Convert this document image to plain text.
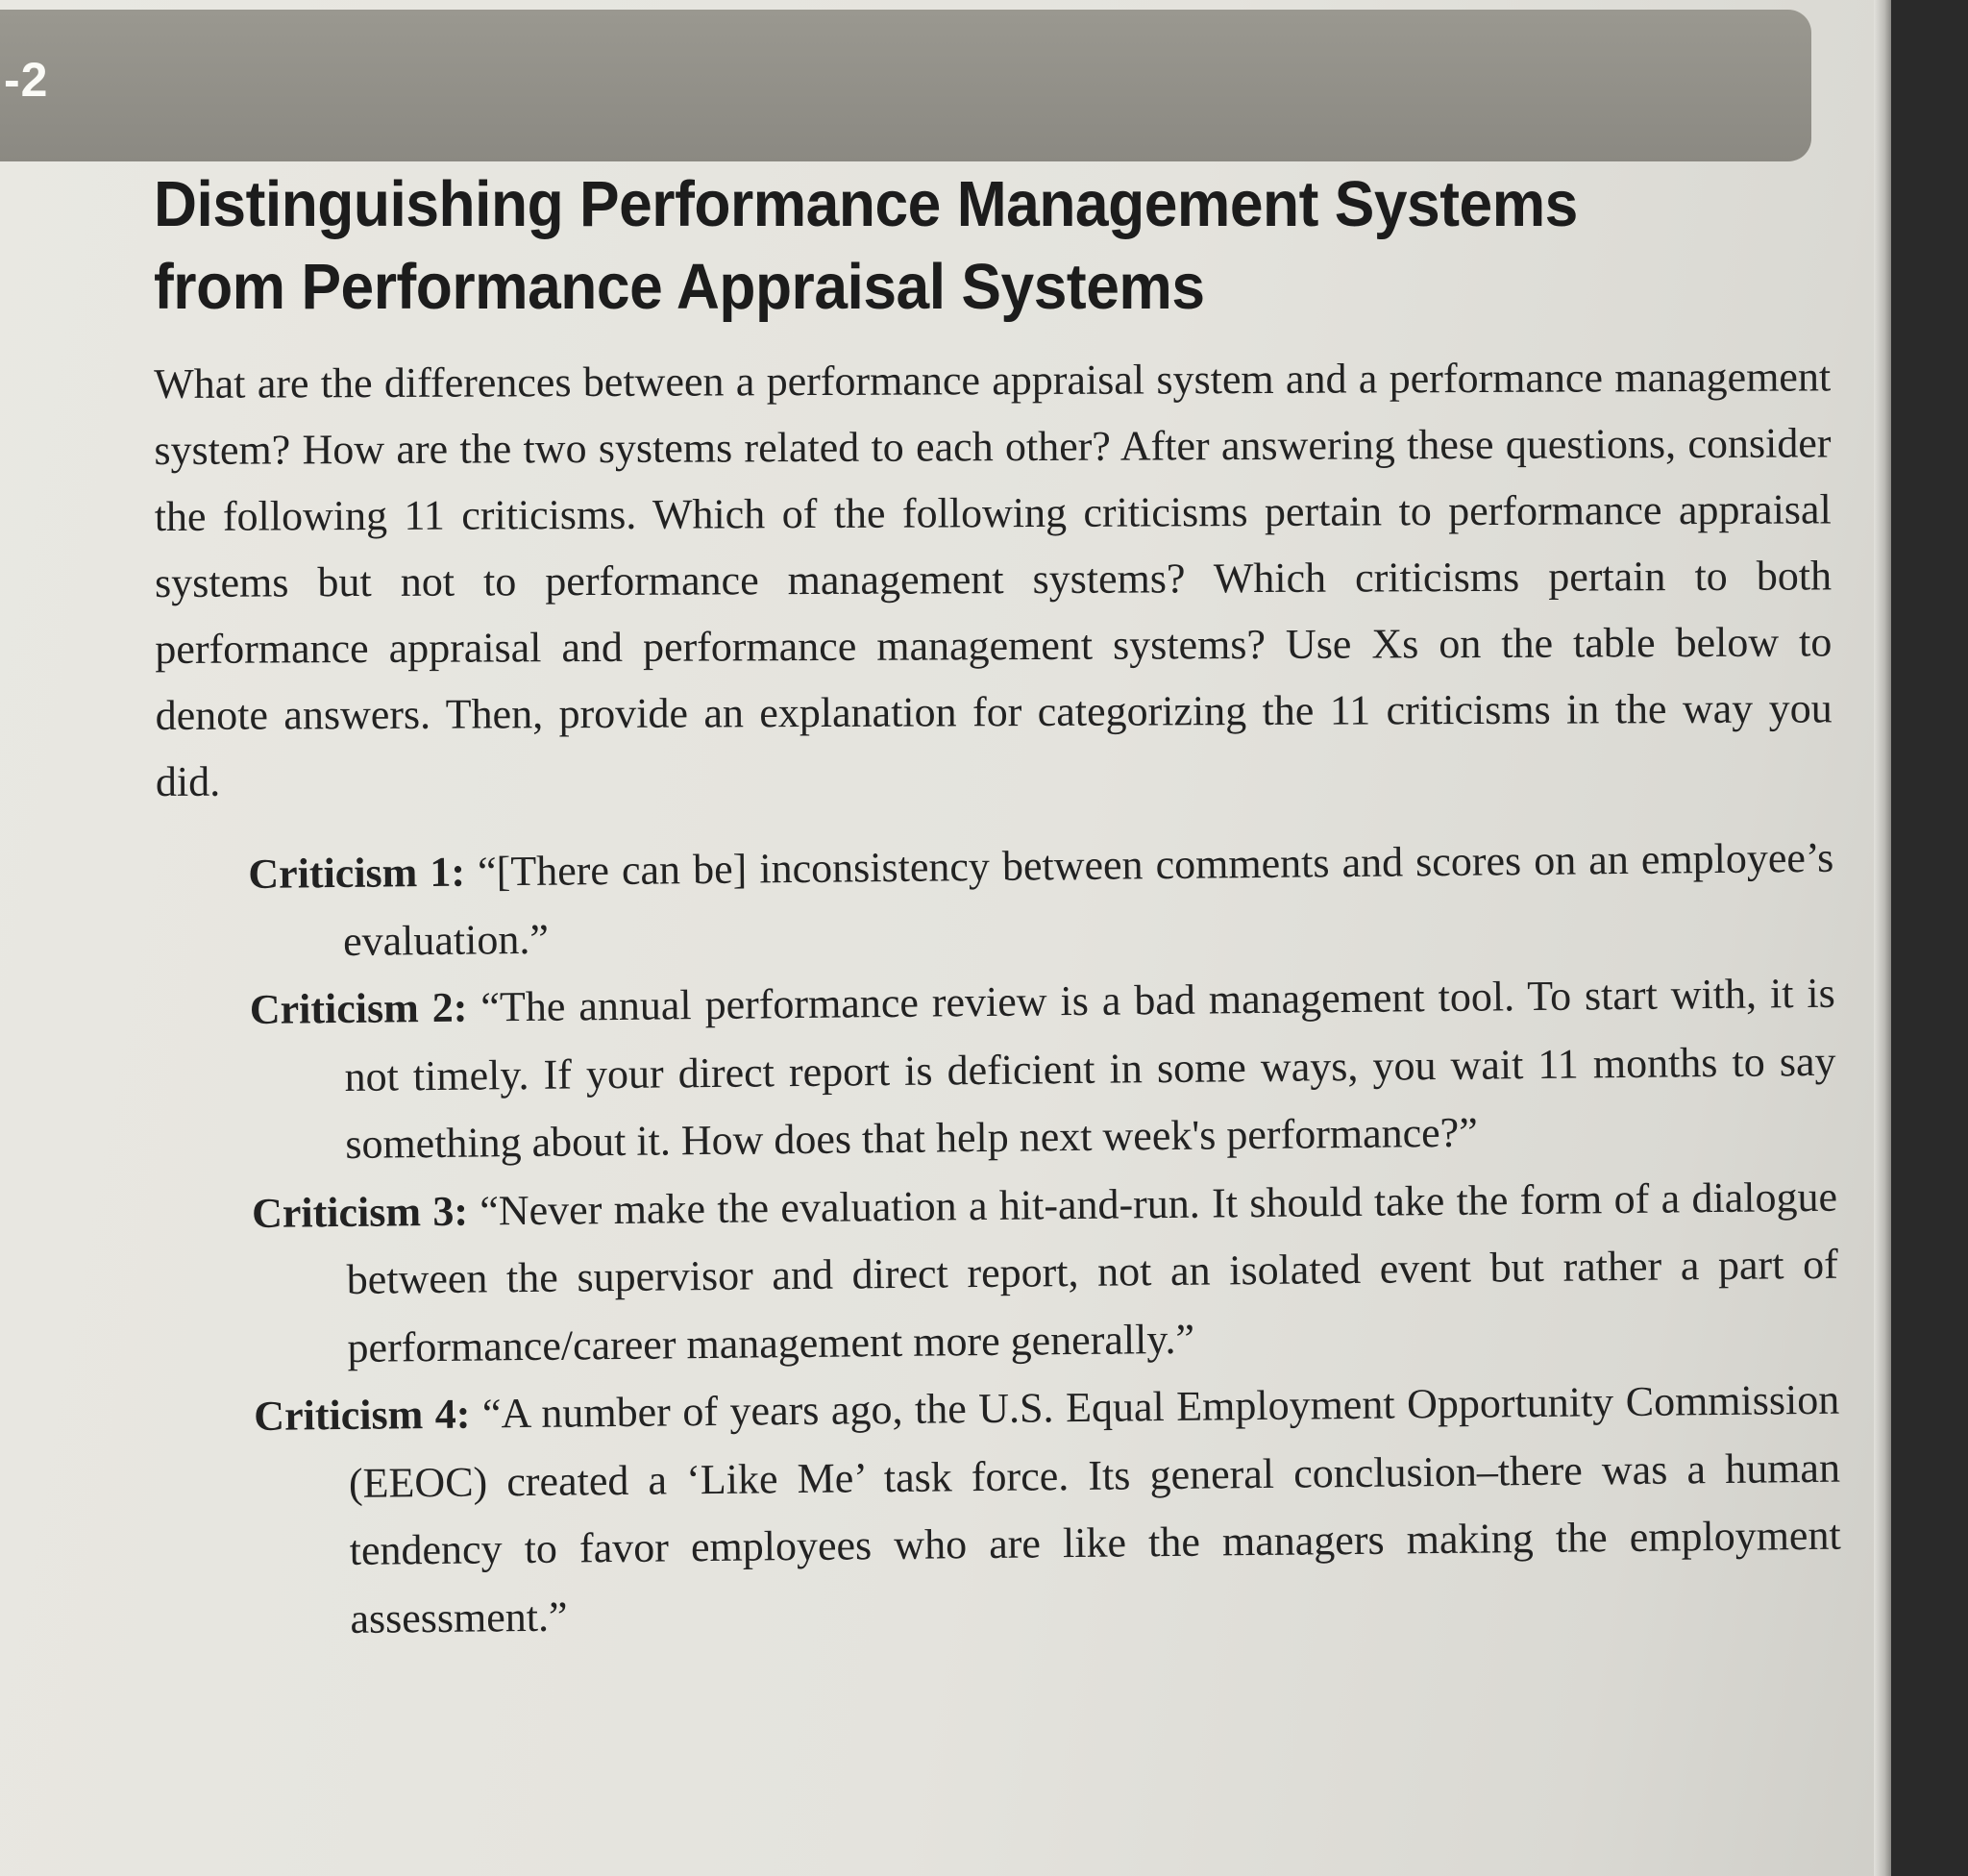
-2
Distinguishing Performance Management Systems from Performance Appraisal Systems

What are the differences between a performance appraisal system and a performance management system? How are the two systems related to each other? After answering these questions, consider the following 11 criticisms. Which of the following criticisms pertain to performance appraisal systems but not to performance management systems? Which criticisms pertain to both performance appraisal and performance management systems? Use Xs on the table below to denote answers. Then, provide an explanation for categorizing the 11 criticisms in the way you did.

Criticism 1: “[There can be] inconsistency between comments and scores on an employee’s evaluation.”

Criticism 2: “The annual performance review is a bad management tool. To start with, it is not timely. If your direct report is deficient in some ways, you wait 11 months to say something about it. How does that help next week's performance?”

Criticism 3: “Never make the evaluation a hit-and-run. It should take the form of a dialogue between the supervisor and direct report, not an isolated event but rather a part of performance/career management more generally.”

Criticism 4: “A number of years ago, the U.S. Equal Employment Opportunity Commission (EEOC) created a ‘Like Me’ task force. Its general conclusion–there was a human tendency to favor employees who are like the managers making the employment assessment.”
